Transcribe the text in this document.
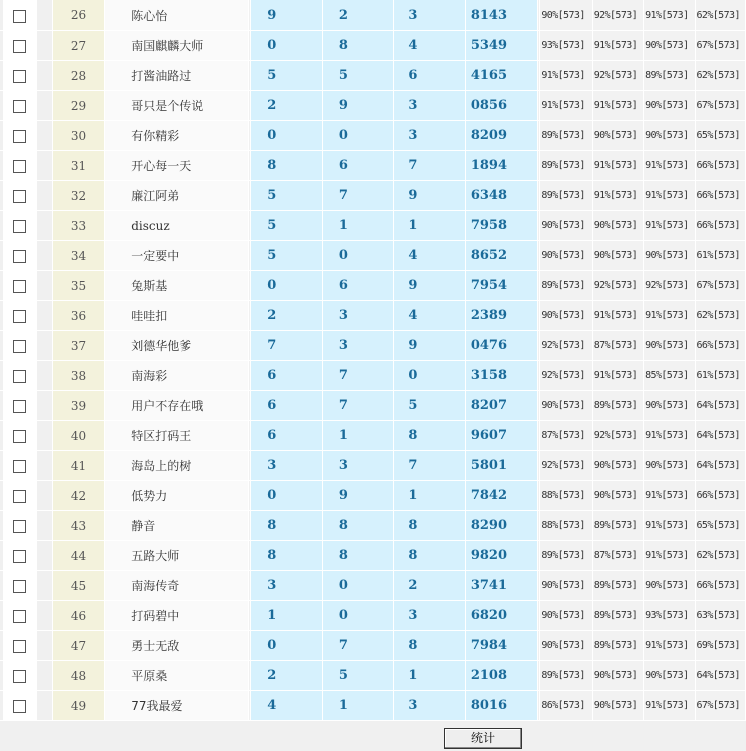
			26	陈心怡		9	2	3	8143		90%[573]	92%[573]	91%[573]	62%[573]
			27	南国麒麟大师		0	8	4	5349		93%[573]	91%[573]	90%[573]	67%[573]
			28	打酱油路过		5	5	6	4165		91%[573]	92%[573]	89%[573]	62%[573]
			29	哥只是个传说		2	9	3	0856		91%[573]	91%[573]	90%[573]	67%[573]
			30	有你精彩		0	0	3	8209		89%[573]	90%[573]	90%[573]	65%[573]
			31	开心每一天		8	6	7	1894		89%[573]	91%[573]	91%[573]	66%[573]
			32	廉江阿弟		5	7	9	6348		89%[573]	91%[573]	91%[573]	66%[573]
			33	discuz		5	1	1	7958		90%[573]	90%[573]	91%[573]	66%[573]
			34	一定要中		5	0	4	8652		90%[573]	90%[573]	90%[573]	61%[573]
			35	兔斯基		0	6	9	7954		89%[573]	92%[573]	92%[573]	67%[573]
			36	哇哇扣		2	3	4	2389		90%[573]	91%[573]	91%[573]	62%[573]
			37	刘德华他爹		7	3	9	0476		92%[573]	87%[573]	90%[573]	66%[573]
			38	南海彩		6	7	0	3158		92%[573]	91%[573]	85%[573]	61%[573]
			39	用户不存在哦		6	7	5	8207		90%[573]	89%[573]	90%[573]	64%[573]
			40	特区打码王		6	1	8	9607		87%[573]	92%[573]	91%[573]	64%[573]
			41	海岛上的树		3	3	7	5801		92%[573]	90%[573]	90%[573]	64%[573]
			42	低势力		0	9	1	7842		88%[573]	90%[573]	91%[573]	66%[573]
			43	静音		8	8	8	8290		88%[573]	89%[573]	91%[573]	65%[573]
			44	五路大师		8	8	8	9820		89%[573]	87%[573]	91%[573]	62%[573]
			45	南海传奇		3	0	2	3741		90%[573]	89%[573]	90%[573]	66%[573]
			46	打码碧中		1	0	3	6820		90%[573]	89%[573]	93%[573]	63%[573]
			47	勇士无敌		0	7	8	7984		90%[573]	89%[573]	91%[573]	69%[573]
			48	平原桑		2	5	1	2108		89%[573]	90%[573]	90%[573]	64%[573]
			49	77我最爱		4	1	3	8016		86%[573]	90%[573]	91%[573]	67%[573]
统计
